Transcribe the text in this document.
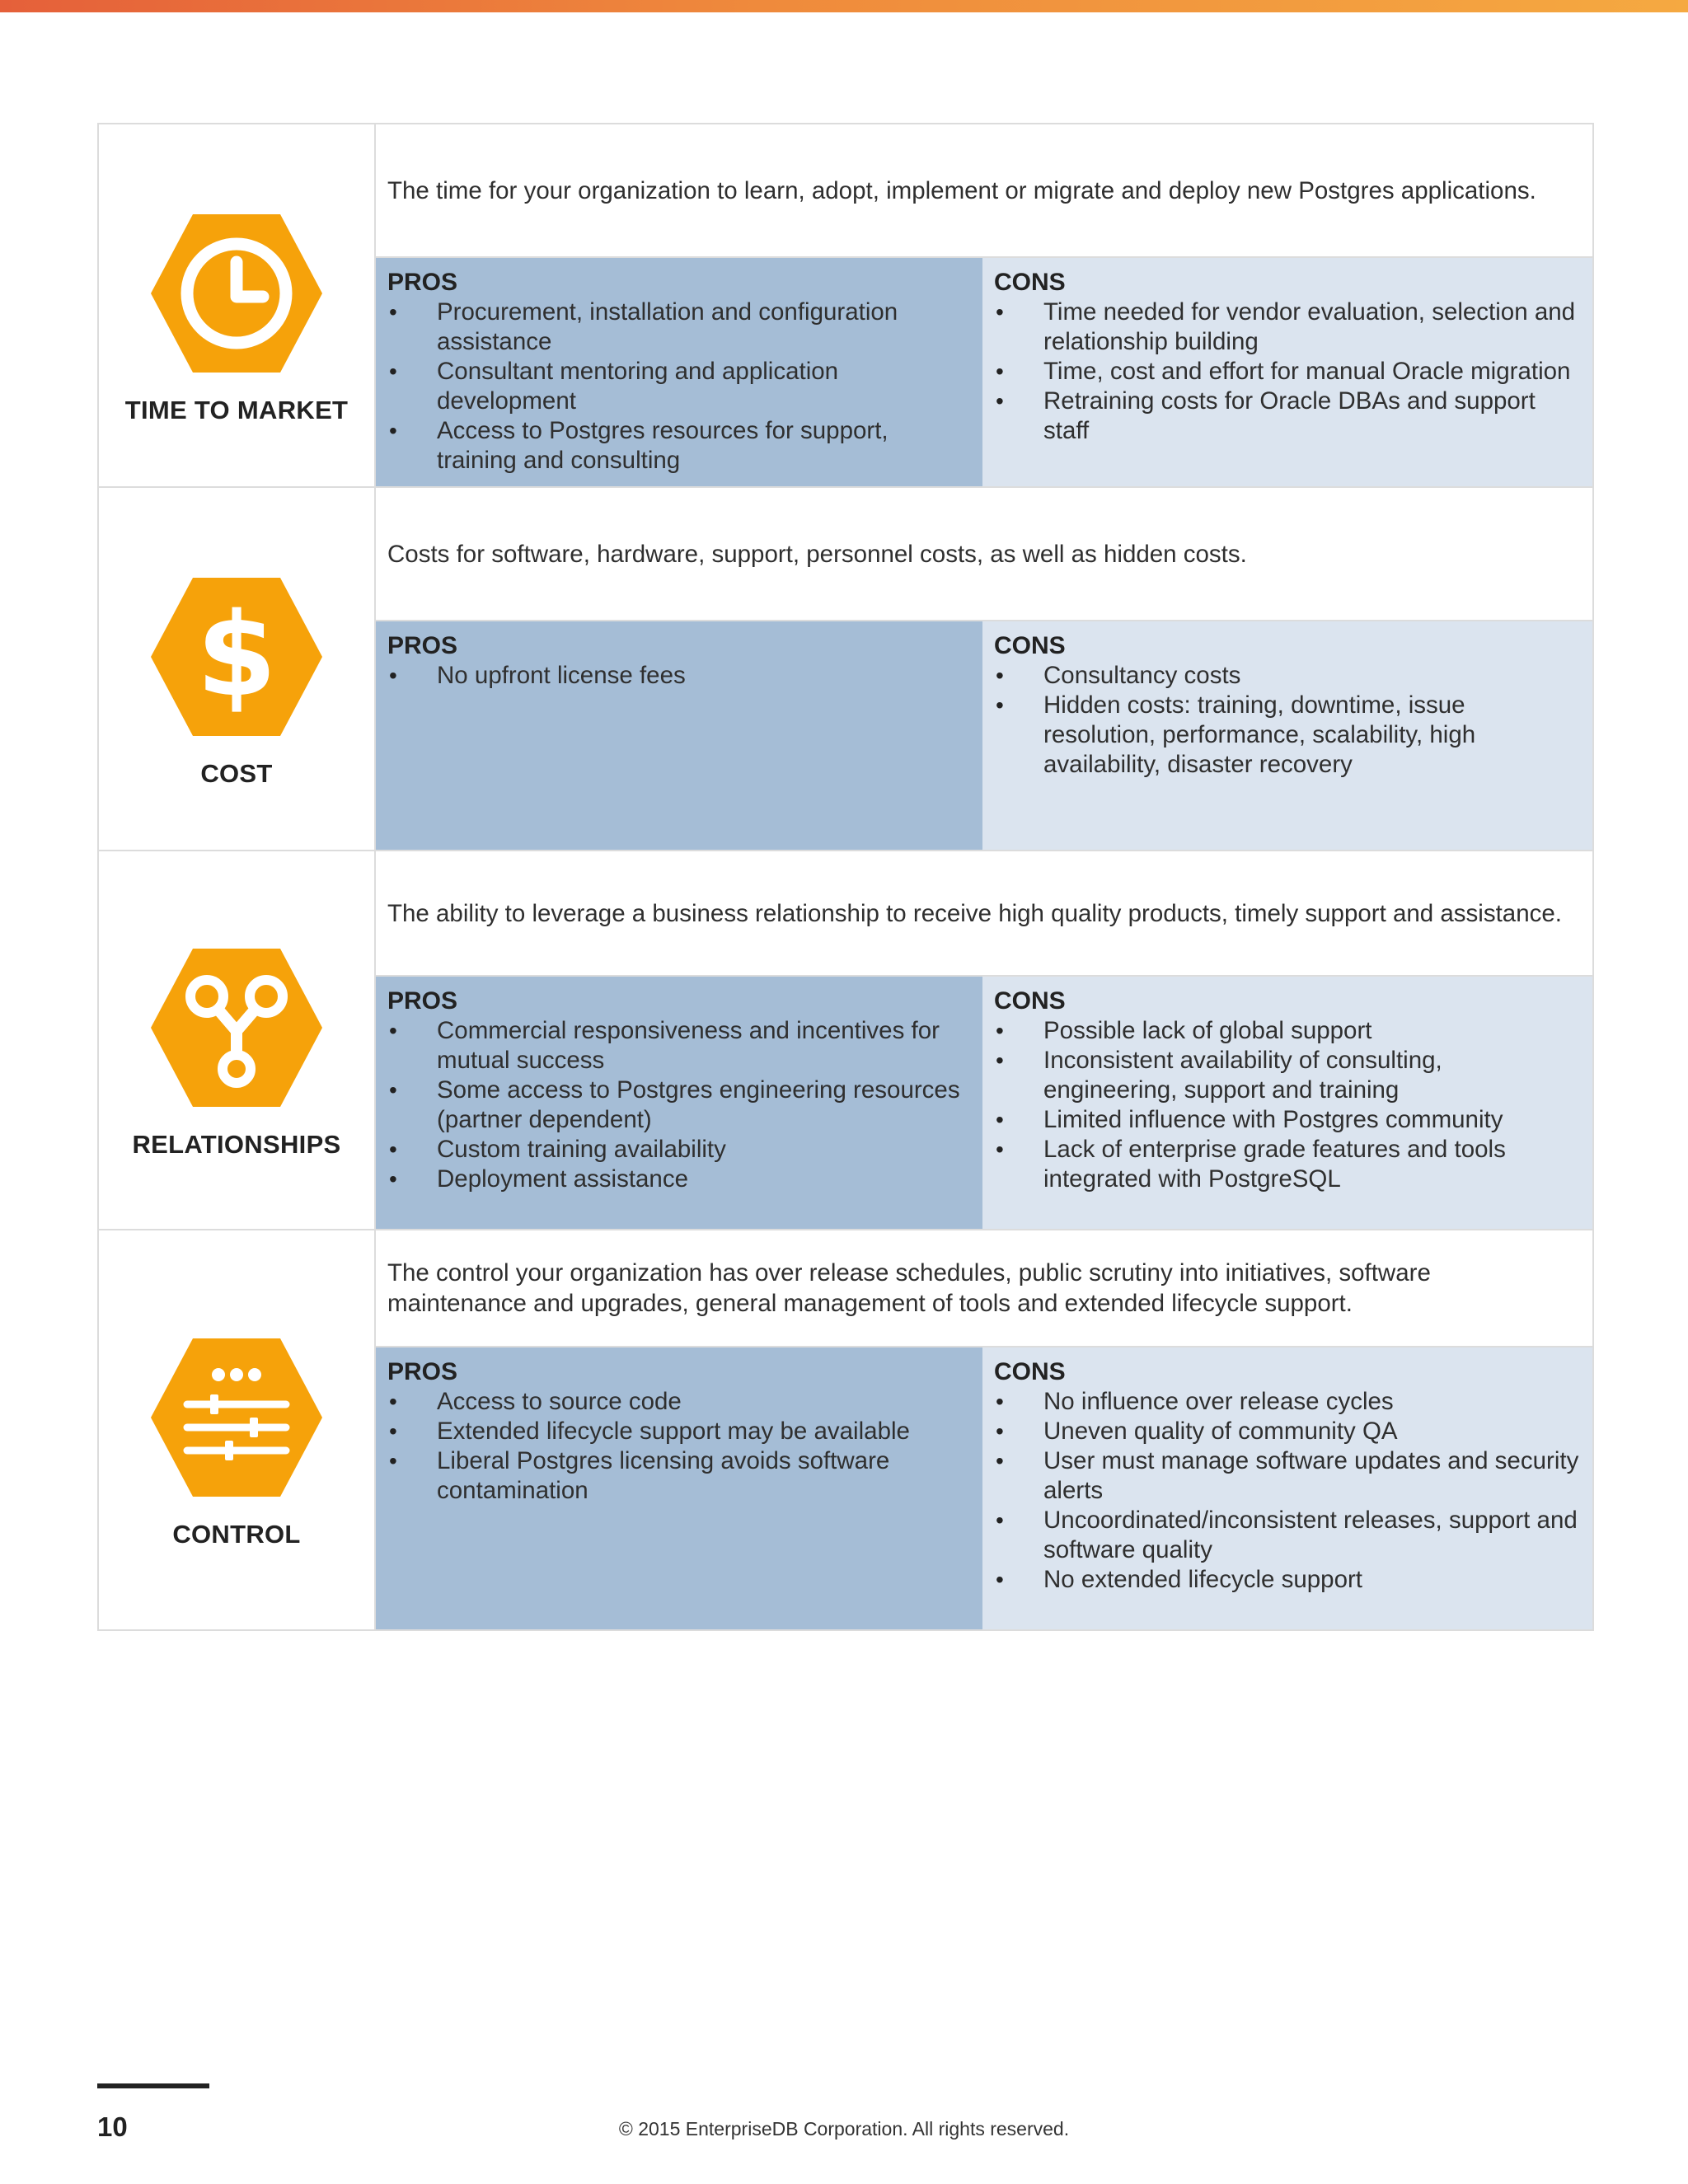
TIME TO MARKET
The time for your organization to learn, adopt, implement or migrate and deploy new Postgres applications.
PROS
• Procurement, installation and configuration assistance
• Consultant mentoring and application development
• Access to Postgres resources for support, training and consulting
CONS
• Time needed for vendor evaluation, selection and relationship building
• Time, cost and effort for manual Oracle migration
• Retraining costs for Oracle DBAs and support staff
$
COST
Costs for software, hardware, support, personnel costs, as well as hidden costs.
PROS
• No upfront license fees
CONS
• Consultancy costs
• Hidden costs: training, downtime, issue resolution, performance, scalability, high availability, disaster recovery
RELATIONSHIPS
The ability to leverage a business relationship to receive high quality products, timely support and assistance.
PROS
• Commercial responsiveness and incentives for mutual success
• Some access to Postgres engineering resources (partner dependent)
• Custom training availability
• Deployment assistance
CONS
• Possible lack of global support
• Inconsistent availability of consulting, engineering, support and training
• Limited influence with Postgres community
• Lack of enterprise grade features and tools integrated with PostgreSQL
CONTROL
The control your organization has over release schedules, public scrutiny into initiatives, software maintenance and upgrades, general management of tools and extended lifecycle support.
PROS
• Access to source code
• Extended lifecycle support may be available
• Liberal Postgres licensing avoids software contamination
CONS
• No influence over release cycles
• Uneven quality of community QA
• User must manage software updates and security alerts
• Uncoordinated/inconsistent releases, support and software quality
• No extended lifecycle support
10	© 2015 EnterpriseDB Corporation. All rights reserved.
